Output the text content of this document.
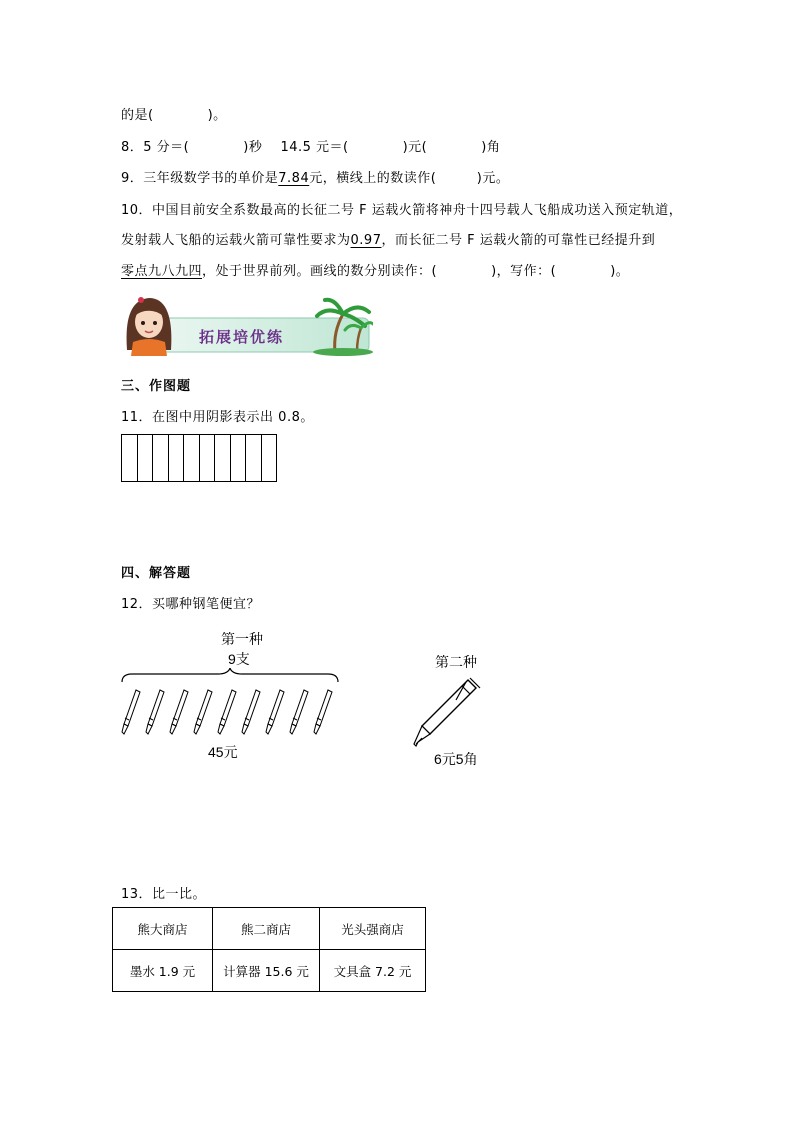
的是(　　　　)。
8．5 分＝(　　　　)秒　 14.5 元＝(　　　　)元(　　　　)角
9．三年级数学书的单价是7.84元，横线上的数读作(　　　)元。
10．中国目前安全系数最高的长征二号 F 运载火箭将神舟十四号载人飞船成功送入预定轨道，
发射载人飞船的运载火箭可靠性要求为0.97，而长征二号 F 运载火箭的可靠性已经提升到
零点九八九四，处于世界前列。画线的数分别读作：(　　　　)，写作：(　　　　)。
拓展培优练
三、作图题
11．在图中用阴影表示出 0.8。
四、解答题
12．买哪种钢笔便宜？
第一种
9支
45元
第二种
6元5角
13．比一比。
熊大商店	熊二商店	光头强商店
墨水 1.9 元	计算器 15.6 元	文具盒 7.2 元
